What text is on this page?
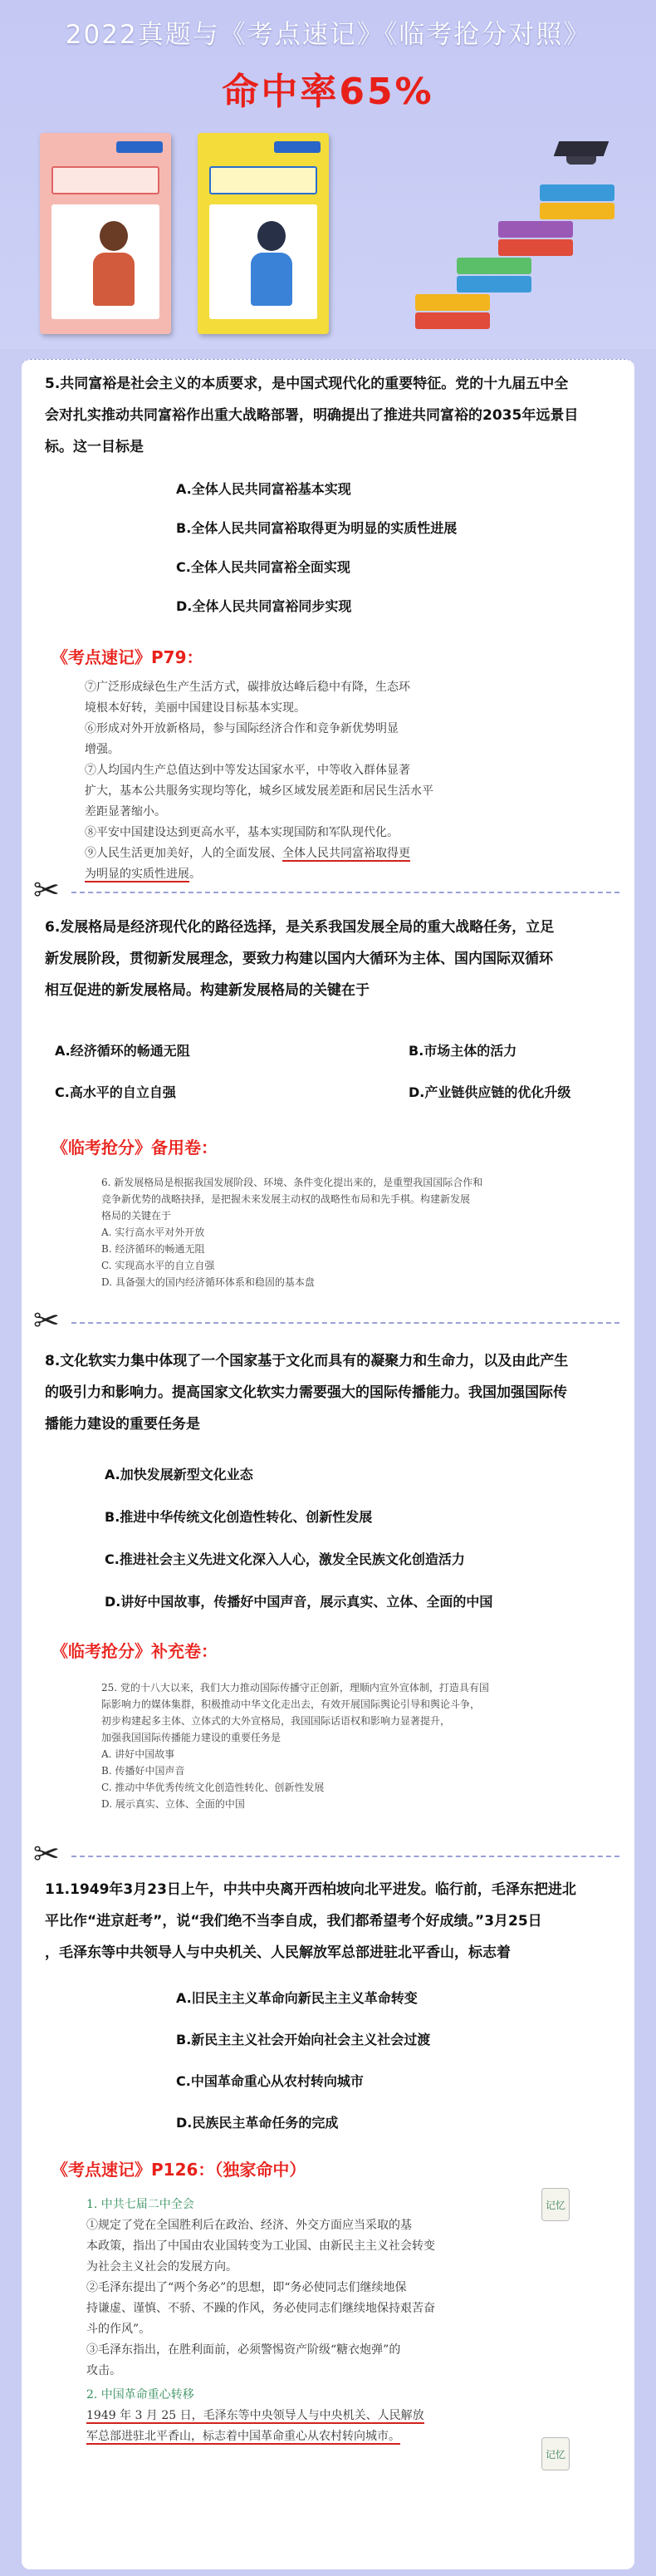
2022真题与《考点速记》《临考抢分对照》
命中率65%
5.共同富裕是社会主义的本质要求，是中国式现代化的重要特征。党的十九届五中全
会对扎实推动共同富裕作出重大战略部署，明确提出了推进共同富裕的2035年远景目
标。这一目标是
A.全体人民共同富裕基本实现
B.全体人民共同富裕取得更为明显的实质性进展
C.全体人民共同富裕全面实现
D.全体人民共同富裕同步实现
《考点速记》P79：
⑦广泛形成绿色生产生活方式，碳排放达峰后稳中有降，生态环
境根本好转，美丽中国建设目标基本实现。
⑥形成对外开放新格局，参与国际经济合作和竞争新优势明显
增强。
⑦人均国内生产总值达到中等发达国家水平，中等收入群体显著
扩大，基本公共服务实现均等化，城乡区域发展差距和居民生活水平
差距显著缩小。
⑧平安中国建设达到更高水平，基本实现国防和军队现代化。
⑨人民生活更加美好，人的全面发展、全体人民共同富裕取得更
为明显的实质性进展。
✂
6.发展格局是经济现代化的路径选择，是关系我国发展全局的重大战略任务，立足
新发展阶段，贯彻新发展理念，要致力构建以国内大循环为主体、国内国际双循环
相互促进的新发展格局。构建新发展格局的关键在于
A.经济循环的畅通无阻	B.市场主体的活力
C.高水平的自立自强	D.产业链供应链的优化升级
《临考抢分》备用卷：
6. 新发展格局是根据我国发展阶段、环境、条件变化提出来的，是重塑我国国际合作和
竞争新优势的战略抉择，是把握未来发展主动权的战略性布局和先手棋。构建新发展
格局的关键在于
A. 实行高水平对外开放
B. 经济循环的畅通无阻
C. 实现高水平的自立自强
D. 具备强大的国内经济循环体系和稳固的基本盘
✂
8.文化软实力集中体现了一个国家基于文化而具有的凝聚力和生命力，以及由此产生
的吸引力和影响力。提高国家文化软实力需要强大的国际传播能力。我国加强国际传
播能力建设的重要任务是
A.加快发展新型文化业态
B.推进中华传统文化创造性转化、创新性发展
C.推进社会主义先进文化深入人心，激发全民族文化创造活力
D.讲好中国故事，传播好中国声音，展示真实、立体、全面的中国
《临考抢分》补充卷：
25. 党的十八大以来，我们大力推动国际传播守正创新，理顺内宣外宣体制，打造具有国
际影响力的媒体集群，积极推动中华文化走出去，有效开展国际舆论引导和舆论斗争，
初步构建起多主体、立体式的大外宣格局，我国国际话语权和影响力显著提升，
加强我国国际传播能力建设的重要任务是
A. 讲好中国故事
B. 传播好中国声音
C. 推动中华优秀传统文化创造性转化、创新性发展
D. 展示真实、立体、全面的中国
✂
11.1949年3月23日上午，中共中央离开西柏坡向北平进发。临行前，毛泽东把进北
平比作“进京赶考”，说“我们绝不当李自成，我们都希望考个好成绩。”3月25日
，毛泽东等中共领导人与中央机关、人民解放军总部进驻北平香山，标志着
A.旧民主主义革命向新民主主义革命转变
B.新民主主义社会开始向社会主义社会过渡
C.中国革命重心从农村转向城市
D.民族民主革命任务的完成
《考点速记》P126：（独家命中）
1. 中共七届二中全会
①规定了党在全国胜利后在政治、经济、外交方面应当采取的基
本政策，指出了中国由农业国转变为工业国、由新民主主义社会转变
为社会主义社会的发展方向。
②毛泽东提出了“两个务必”的思想，即“务必使同志们继续地保
持谦虚、谨慎、不骄、不躁的作风，务必使同志们继续地保持艰苦奋
斗的作风”。
③毛泽东指出，在胜利面前，必须警惕资产阶级“糖衣炮弹”的
攻击。
2. 中国革命重心转移
1949 年 3 月 25 日，毛泽东等中央领导人与中央机关、人民解放
军总部进驻北平香山，标志着中国革命重心从农村转向城市。
记忆
记忆
